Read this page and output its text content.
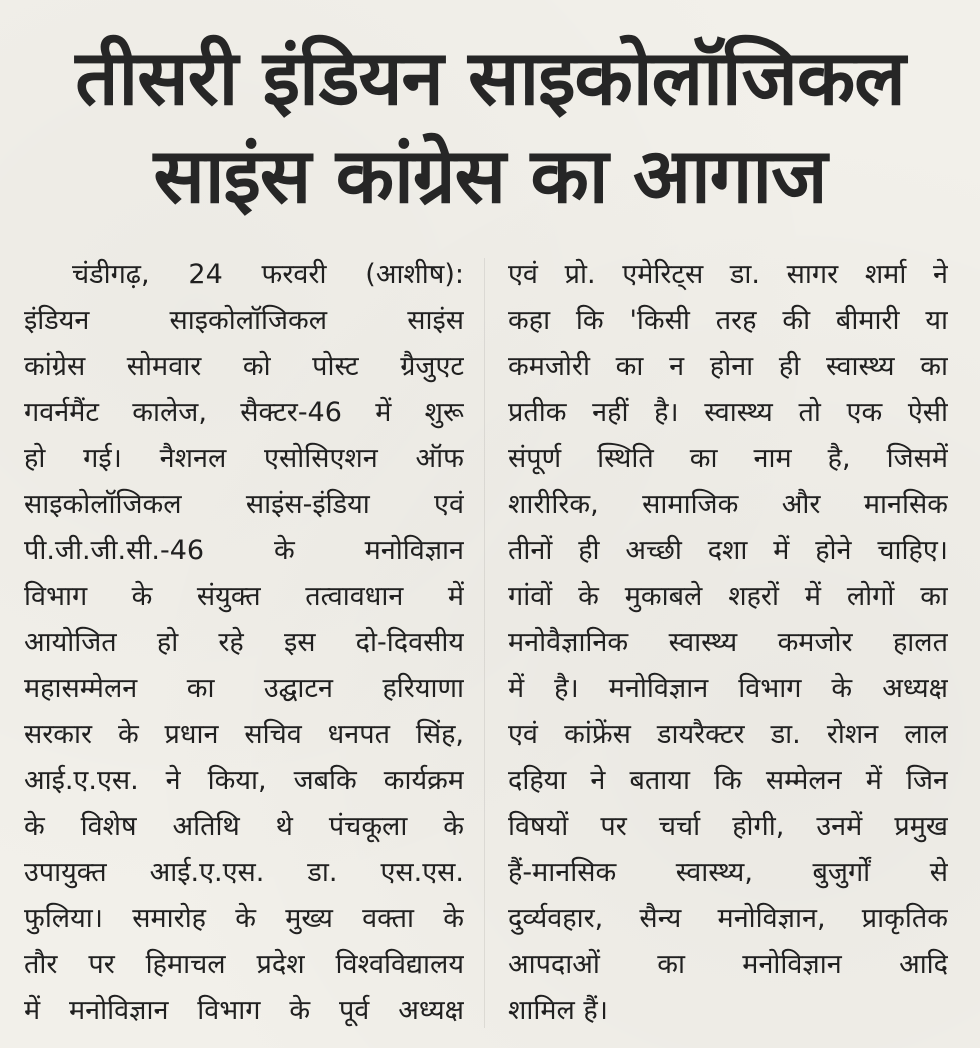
तीसरी इंडियन साइकोलॉजिकल
साइंस कांग्रेस का आगाज
चंडीगढ़, 24 फरवरी (आशीष):
इंडियन साइकोलॉजिकल साइंस
कांग्रेस सोमवार को पोस्ट ग्रैजुएट
गवर्नमैंट कालेज, सैक्टर-46 में शुरू
हो गई। नैशनल एसोसिएशन ऑफ
साइकोलॉजिकल साइंस-इंडिया एवं
पी.जी.जी.सी.-46 के मनोविज्ञान
विभाग के संयुक्त तत्वावधान में
आयोजित हो रहे इस दो-दिवसीय
महासम्मेलन का उद्घाटन हरियाणा
सरकार के प्रधान सचिव धनपत सिंह,
आई.ए.एस. ने किया, जबकि कार्यक्रम
के विशेष अतिथि थे पंचकूला के
उपायुक्त आई.ए.एस. डा. एस.एस.
फुलिया। समारोह के मुख्य वक्ता के
तौर पर हिमाचल प्रदेश विश्वविद्यालय
में मनोविज्ञान विभाग के पूर्व अध्यक्ष
एवं प्रो. एमेरिट्स डा. सागर शर्मा ने
कहा कि 'किसी तरह की बीमारी या
कमजोरी का न होना ही स्वास्थ्य का
प्रतीक नहीं है। स्वास्थ्य तो एक ऐसी
संपूर्ण स्थिति का नाम है, जिसमें
शारीरिक, सामाजिक और मानसिक
तीनों ही अच्छी दशा में होने चाहिए।
गांवों के मुकाबले शहरों में लोगों का
मनोवैज्ञानिक स्वास्थ्य कमजोर हालत
में है। मनोविज्ञान विभाग के अध्यक्ष
एवं कांफ्रेंस डायरैक्टर डा. रोशन लाल
दहिया ने बताया कि सम्मेलन में जिन
विषयों पर चर्चा होगी, उनमें प्रमुख
हैं-मानसिक स्वास्थ्य, बुजुर्गों से
दुर्व्यवहार, सैन्य मनोविज्ञान, प्राकृतिक
आपदाओं का मनोविज्ञान आदि
शामिल हैं।
